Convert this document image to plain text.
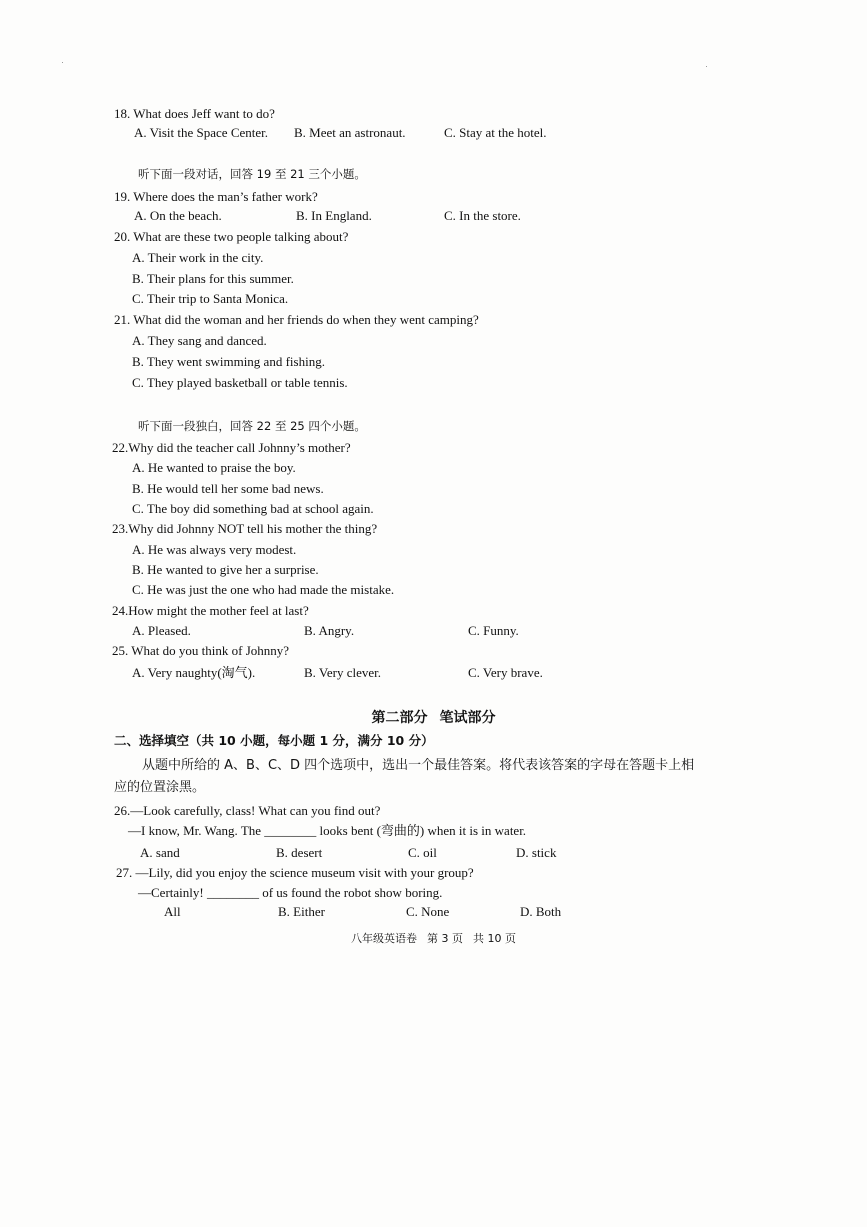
18. What does Jeff want to do?
A. Visit the Space Center. B. Meet an astronaut.	C. Stay at the hotel.
听下面一段对话，回答 19 至 21 三个小题。
19. Where does the man’s father work?
A. On the beach.	B. In England.	C. In the store.
20. What are these two people talking about?
A. Their work in the city.
B. Their plans for this summer.
C. Their trip to Santa Monica.
21. What did the woman and her friends do when they went camping?
A. They sang and danced.
B. They went swimming and fishing.
C. They played basketball or table tennis.
听下面一段独白，回答 22 至 25 四个小题。
22.Why did the teacher call Johnny’s mother?
A. He wanted to praise the boy.
B. He would tell her some bad news.
C. The boy did something bad at school again.
23.Why did Johnny NOT tell his mother the thing?
A. He was always very modest.
B. He wanted to give her a surprise.
C. He was just the one who had made the mistake.
24.How might the mother feel at last?
A. Pleased.	B. Angry.	C. Funny.
25. What do you think of Johnny?
A. Very naughty(淘气).	B. Very clever.	C. Very brave.
第二部分 笔试部分
二、选择填空（共 10 小题，每小题 1 分，满分 10 分）
从题中所给的 A、B、C、D 四个选项中，选出一个最佳答案。将代表该答案的字母在答题卡上相应的位置涂黑。
26.—Look carefully, class! What can you find out?
—I know, Mr. Wang. The ________ looks bent (弯曲的) when it is in water.
A. sand	B. desert	C. oil	D. stick
27. —Lily, did you enjoy the science museum visit with your group?
—Certainly! ________ of us found the robot show boring.
All	B. Either	C. None	D. Both
八年级英语卷 第 3 页 共 10 页
